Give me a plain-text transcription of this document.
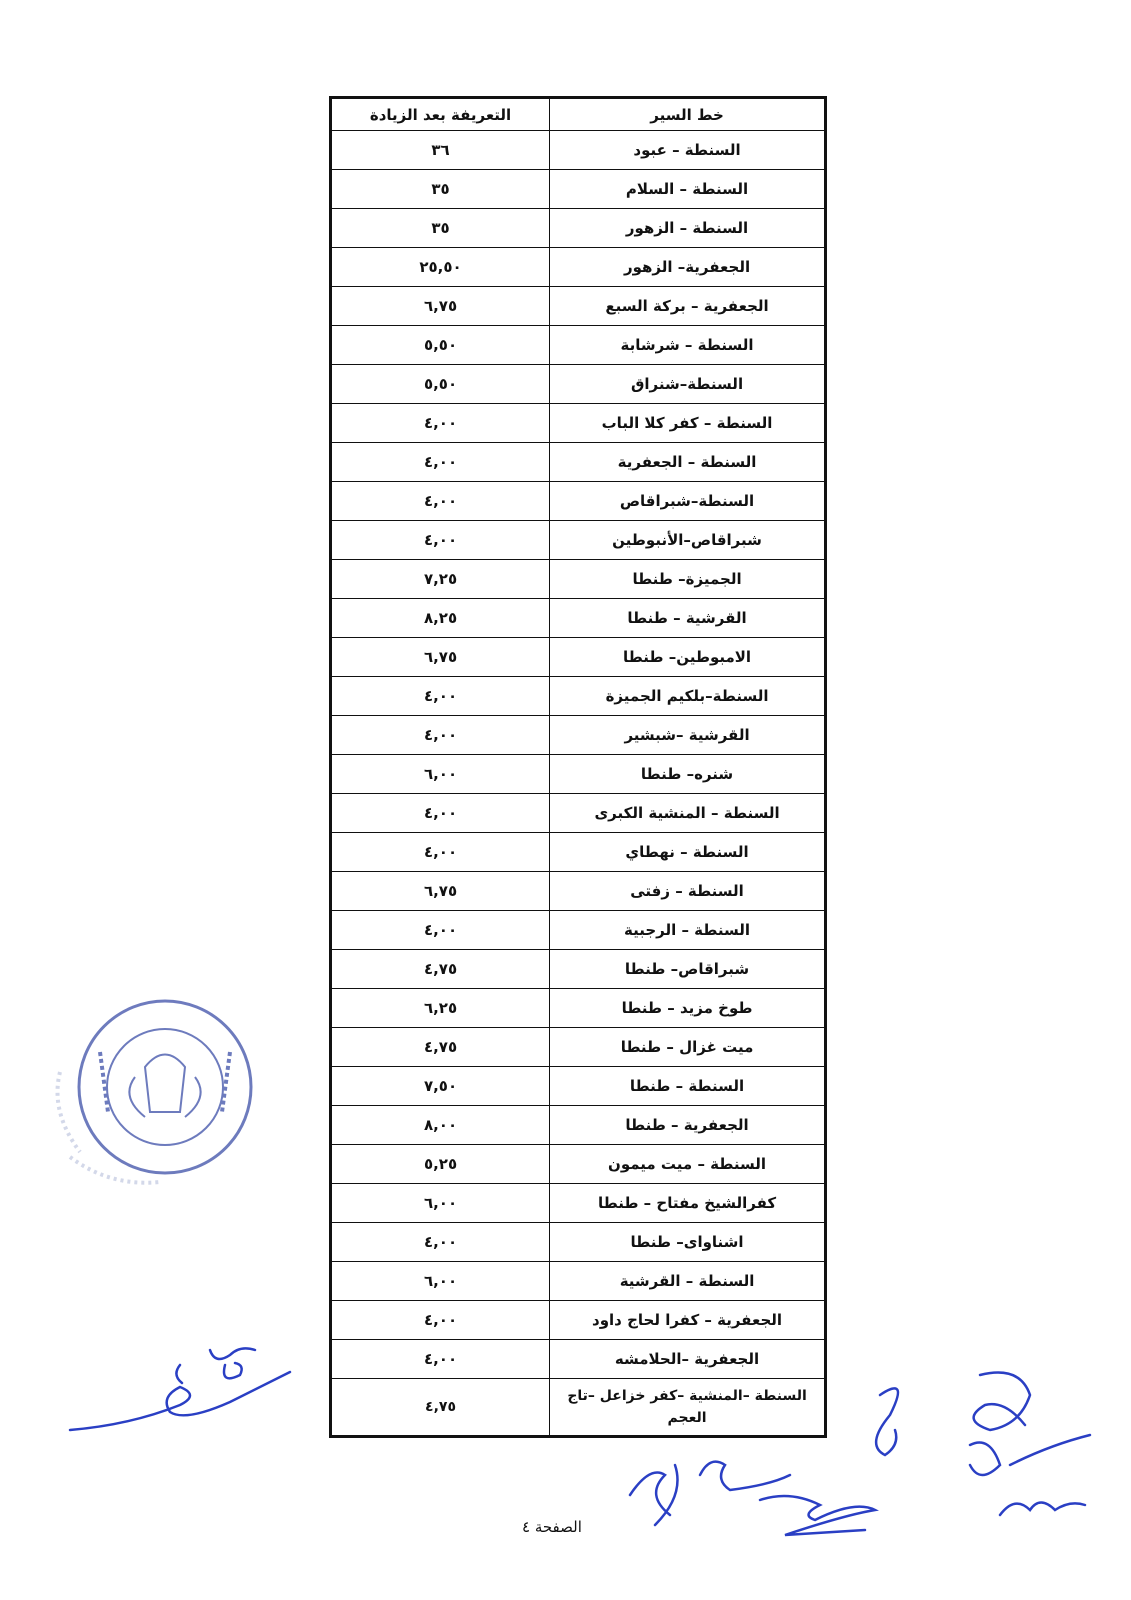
خط السير	التعريفة بعد الزيادة
السنطة – عبود	٣٦
السنطة – السلام	٣٥
السنطة – الزهور	٣٥
الجعفرية– الزهور	٢٥,٥٠
الجعفرية – بركة السبع	٦,٧٥
السنطة – شرشابة	٥,٥٠
السنطة–شنراق	٥,٥٠
السنطة – كفر كلا الباب	٤,٠٠
السنطة – الجعفرية	٤,٠٠
السنطة–شبراقاص	٤,٠٠
شبراقاص–الأنبوطين	٤,٠٠
الجميزة– طنطا	٧,٢٥
القرشية – طنطا	٨,٢٥
الامبوطين– طنطا	٦,٧٥
السنطة–بلكيم الجميزة	٤,٠٠
القرشية –شبشير	٤,٠٠
شنره– طنطا	٦,٠٠
السنطة – المنشية الكبرى	٤,٠٠
السنطة – نهطاي	٤,٠٠
السنطة – زفتى	٦,٧٥
السنطة – الرجبية	٤,٠٠
شبراقاص– طنطا	٤,٧٥
طوخ مزيد – طنطا	٦,٢٥
ميت غزال – طنطا	٤,٧٥
السنطة – طنطا	٧,٥٠
الجعفرية – طنطا	٨,٠٠
السنطة – ميت ميمون	٥,٢٥
كفرالشيخ مفتاح – طنطا	٦,٠٠
اشناواى– طنطا	٤,٠٠
السنطة – القرشية	٦,٠٠
الجعفرية – كفرا لحاج داود	٤,٠٠
الجعفرية –الحلامشه	٤,٠٠
السنطة –المنشية –كفر خزاعل –تاج العجم	٤,٧٥
الصفحة ٤
